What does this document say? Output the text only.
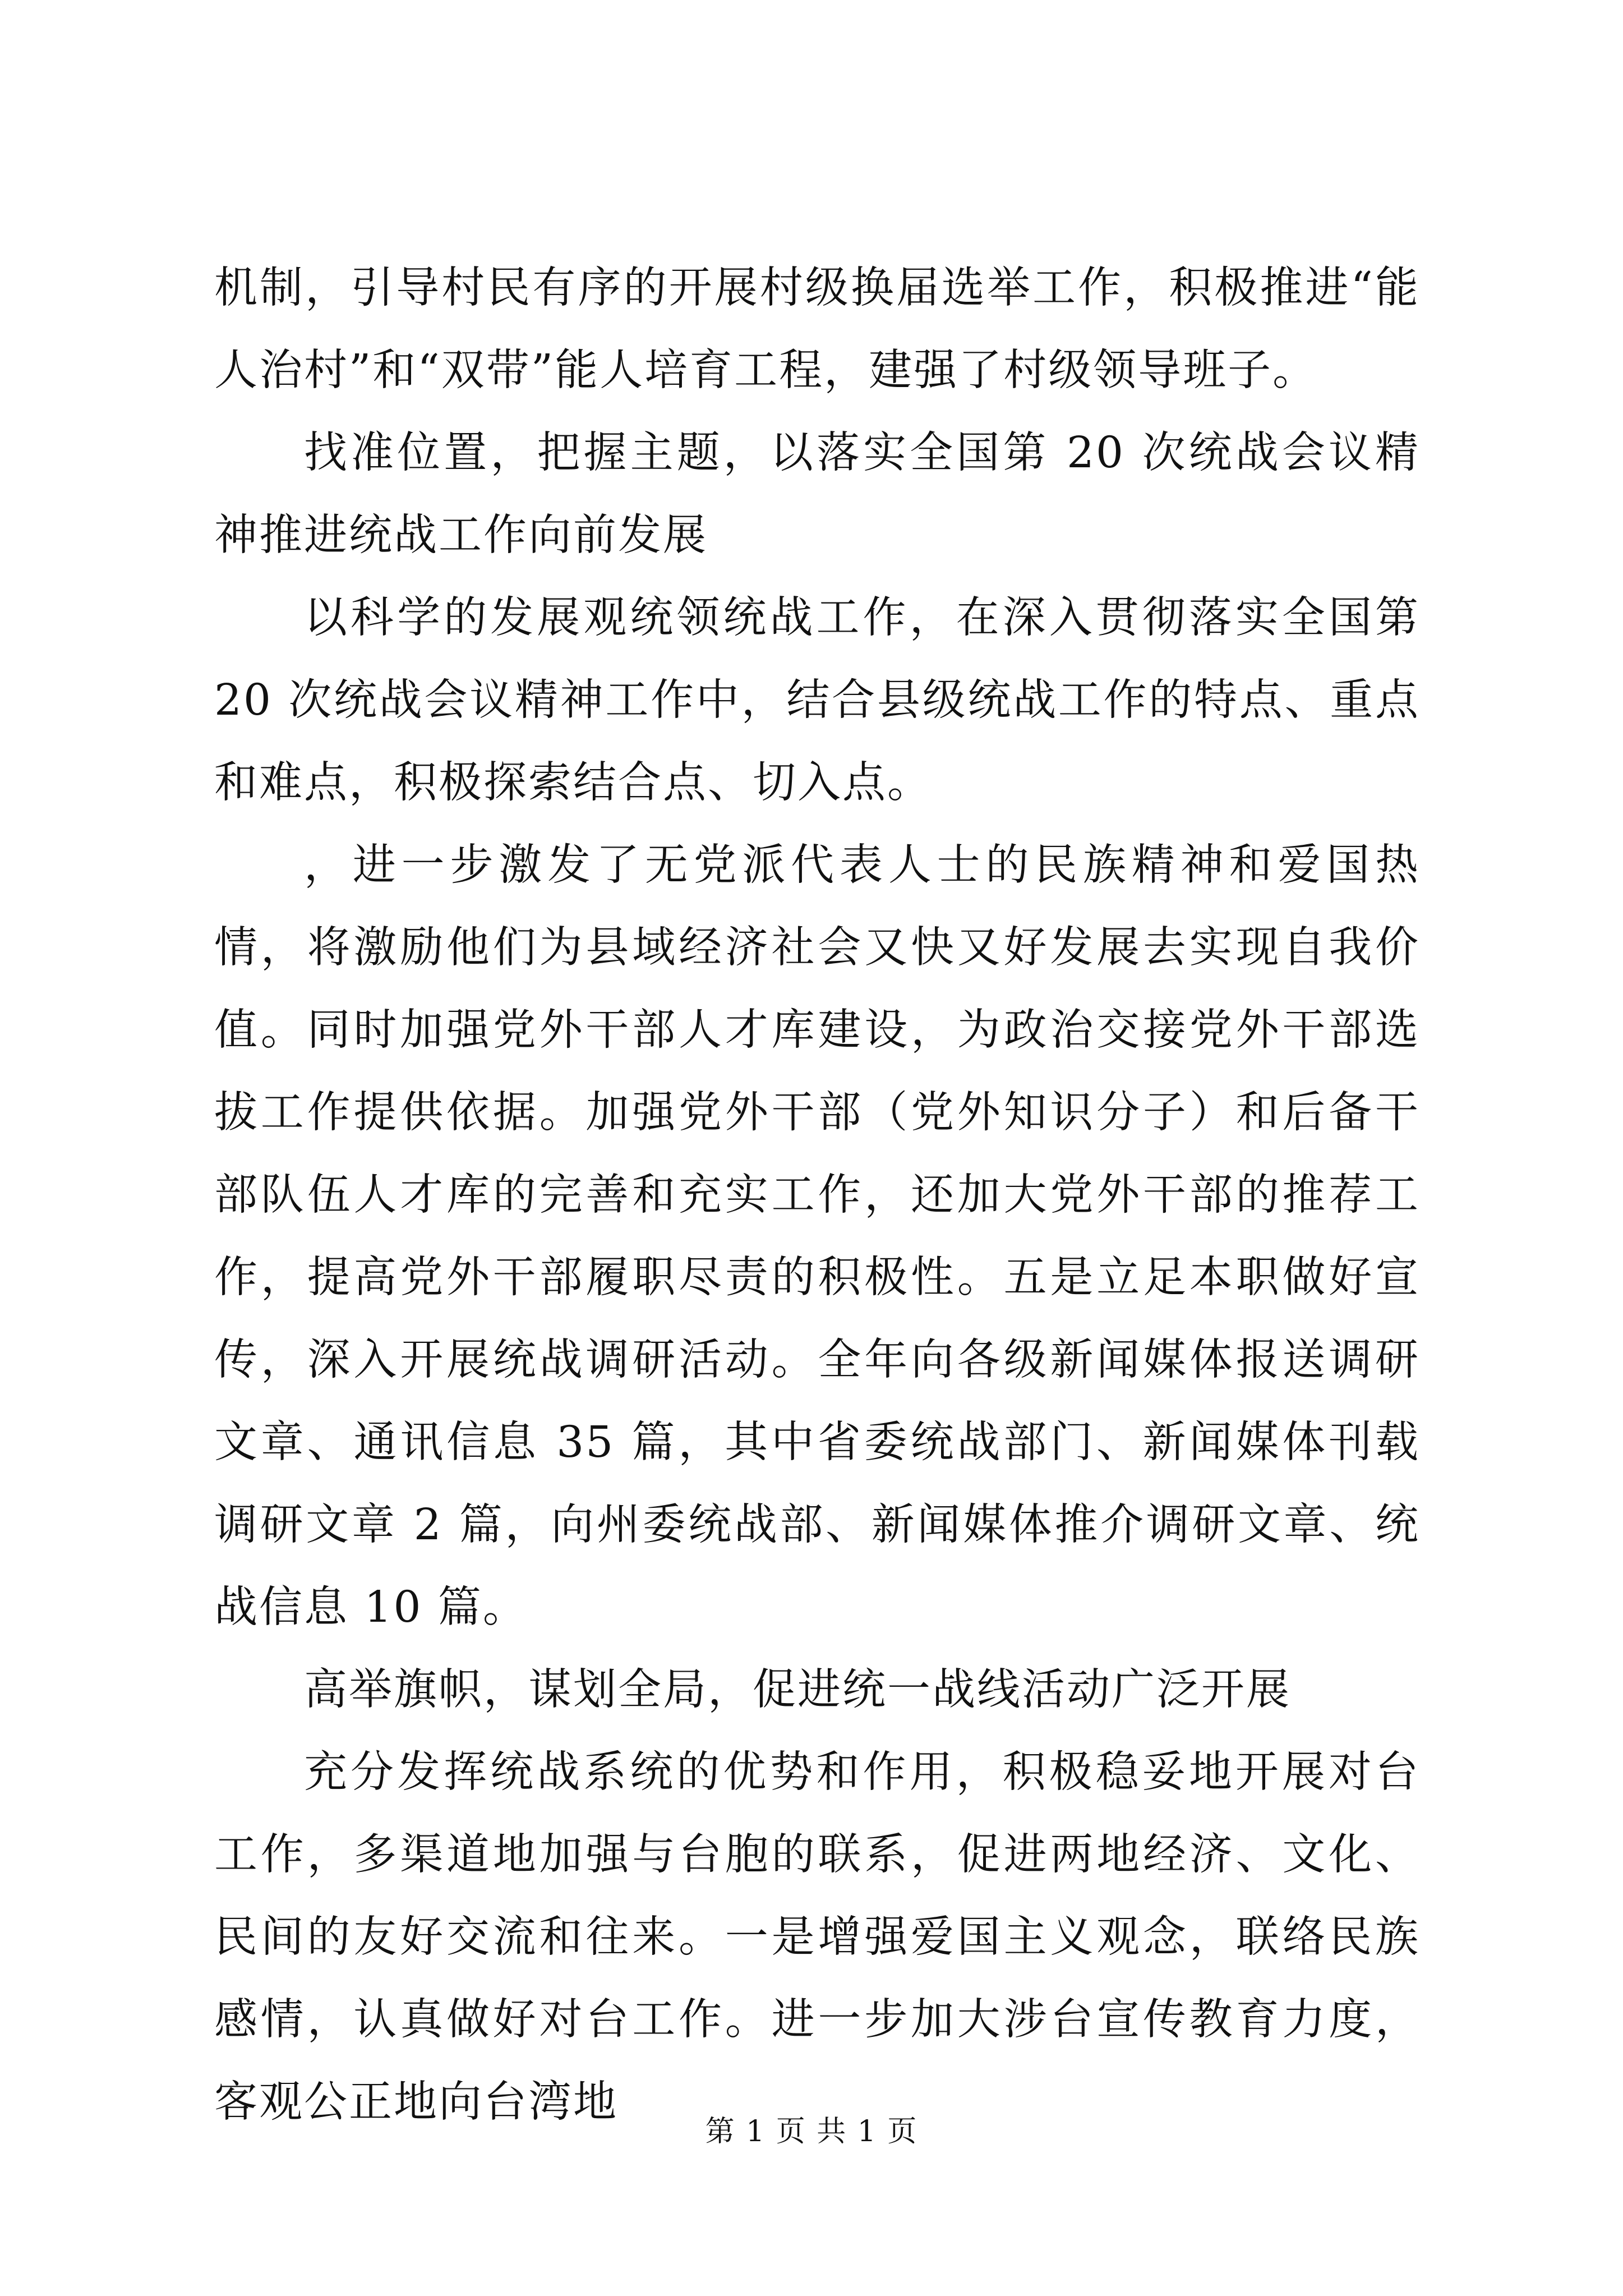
机制，引导村民有序的开展村级换届选举工作，积极推进“能人治村”和“双带”能人培育工程，建强了村级领导班子。

找准位置，把握主题，以落实全国第 20 次统战会议精神推进统战工作向前发展

以科学的发展观统领统战工作，在深入贯彻落实全国第 20 次统战会议精神工作中，结合县级统战工作的特点、重点和难点，积极探索结合点、切入点。

，进一步激发了无党派代表人士的民族精神和爱国热情，将激励他们为县域经济社会又快又好发展去实现自我价值。同时加强党外干部人才库建设，为政治交接党外干部选拔工作提供依据。加强党外干部（党外知识分子）和后备干部队伍人才库的完善和充实工作，还加大党外干部的推荐工作，提高党外干部履职尽责的积极性。五是立足本职做好宣传，深入开展统战调研活动。全年向各级新闻媒体报送调研文章、通讯信息 35 篇，其中省委统战部门、新闻媒体刊载调研文章 2 篇，向州委统战部、新闻媒体推介调研文章、统战信息 10 篇。

高举旗帜，谋划全局，促进统一战线活动广泛开展

充分发挥统战系统的优势和作用，积极稳妥地开展对台工作，多渠道地加强与台胞的联系，促进两地经济、文化、民间的友好交流和往来。一是增强爱国主义观念，联络民族感情，认真做好对台工作。进一步加大涉台宣传教育力度，客观公正地向台湾地

第 1 页 共 1 页
